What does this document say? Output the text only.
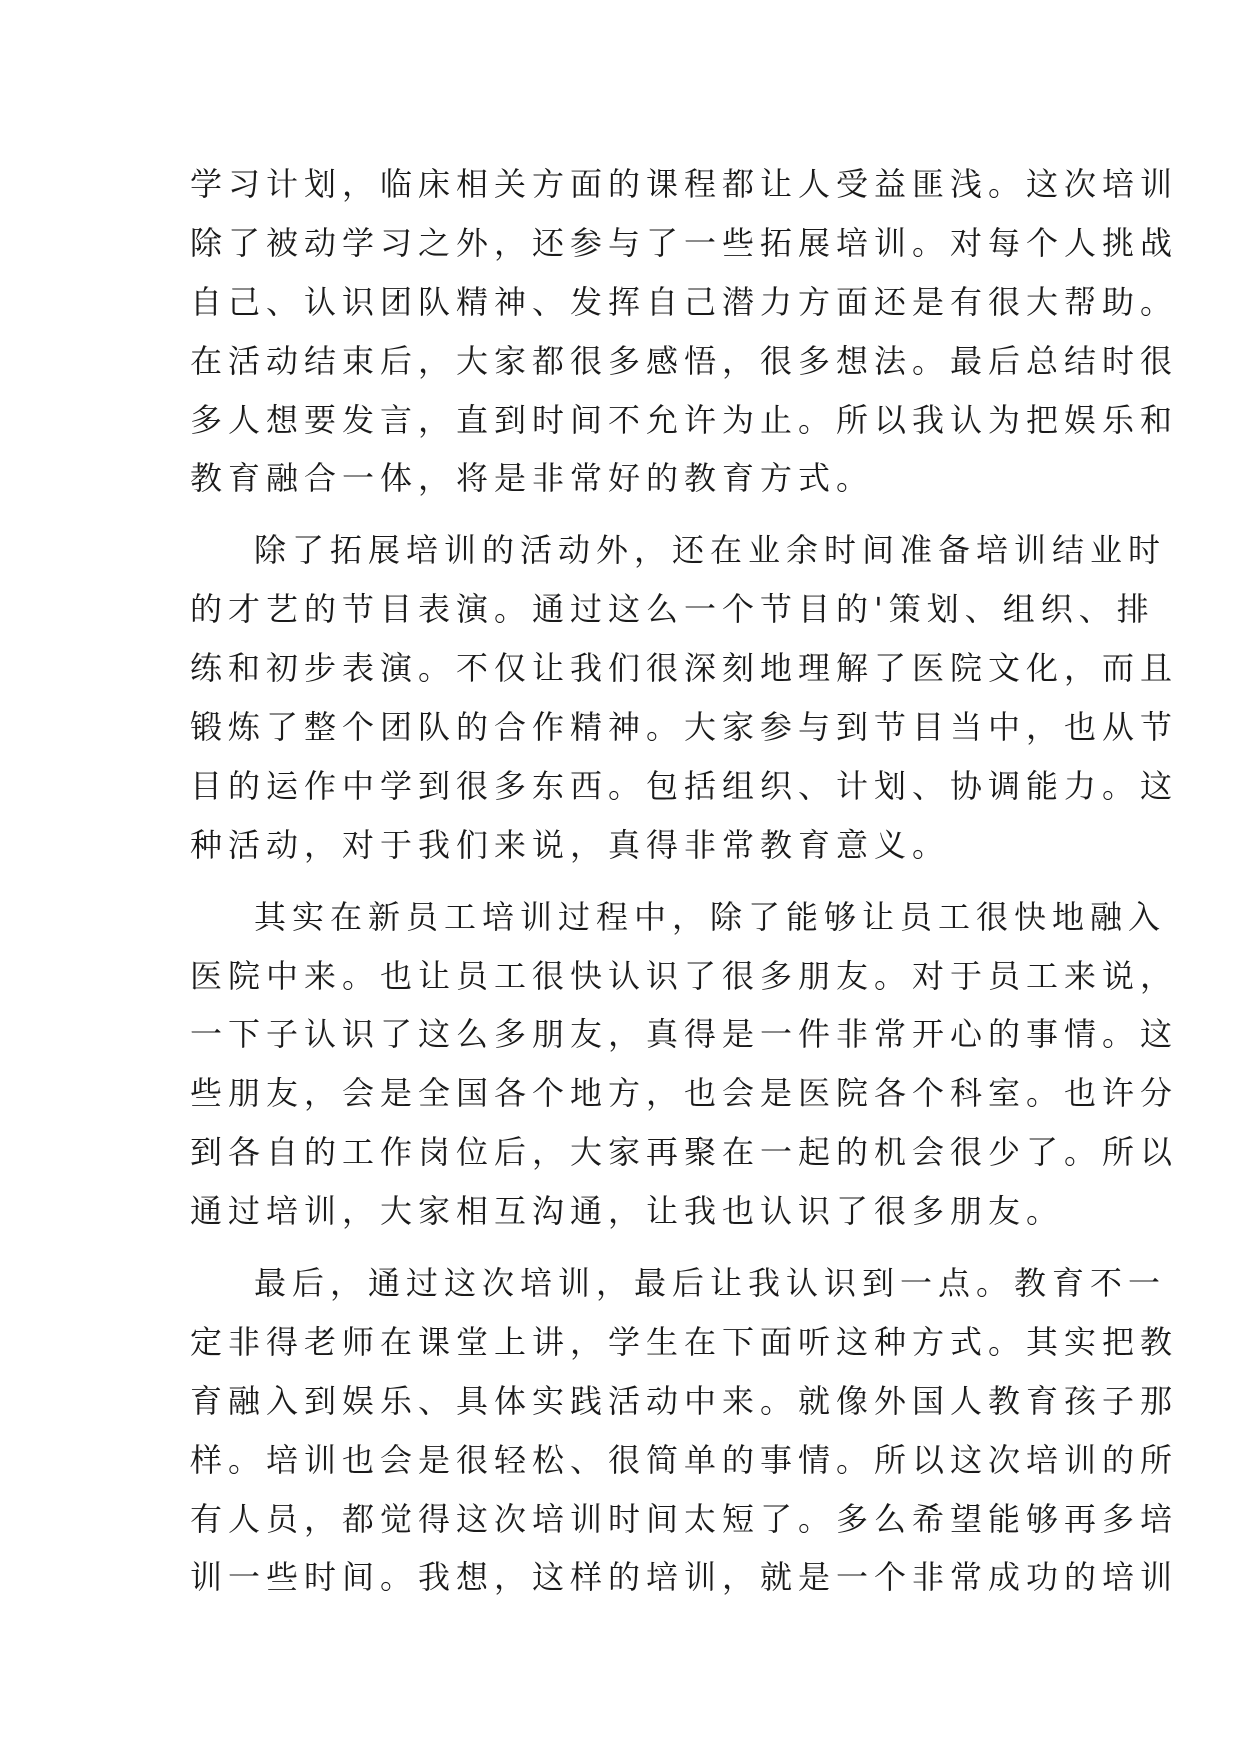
学习计划，临床相关方面的课程都让人受益匪浅。这次培训
除了被动学习之外，还参与了一些拓展培训。对每个人挑战
自己、认识团队精神、发挥自己潜力方面还是有很大帮助。
在活动结束后，大家都很多感悟，很多想法。最后总结时很
多人想要发言，直到时间不允许为止。所以我认为把娱乐和
教育融合一体，将是非常好的教育方式。
除了拓展培训的活动外，还在业余时间准备培训结业时
的才艺的节目表演。通过这么一个节目的'策划、组织、排
练和初步表演。不仅让我们很深刻地理解了医院文化，而且
锻炼了整个团队的合作精神。大家参与到节目当中，也从节
目的运作中学到很多东西。包括组织、计划、协调能力。这
种活动，对于我们来说，真得非常教育意义。
其实在新员工培训过程中，除了能够让员工很快地融入
医院中来。也让员工很快认识了很多朋友。对于员工来说，
一下子认识了这么多朋友，真得是一件非常开心的事情。这
些朋友，会是全国各个地方，也会是医院各个科室。也许分
到各自的工作岗位后，大家再聚在一起的机会很少了。所以
通过培训，大家相互沟通，让我也认识了很多朋友。
最后，通过这次培训，最后让我认识到一点。教育不一
定非得老师在课堂上讲，学生在下面听这种方式。其实把教
育融入到娱乐、具体实践活动中来。就像外国人教育孩子那
样。培训也会是很轻松、很简单的事情。所以这次培训的所
有人员，都觉得这次培训时间太短了。多么希望能够再多培
训一些时间。我想，这样的培训，就是一个非常成功的培训
